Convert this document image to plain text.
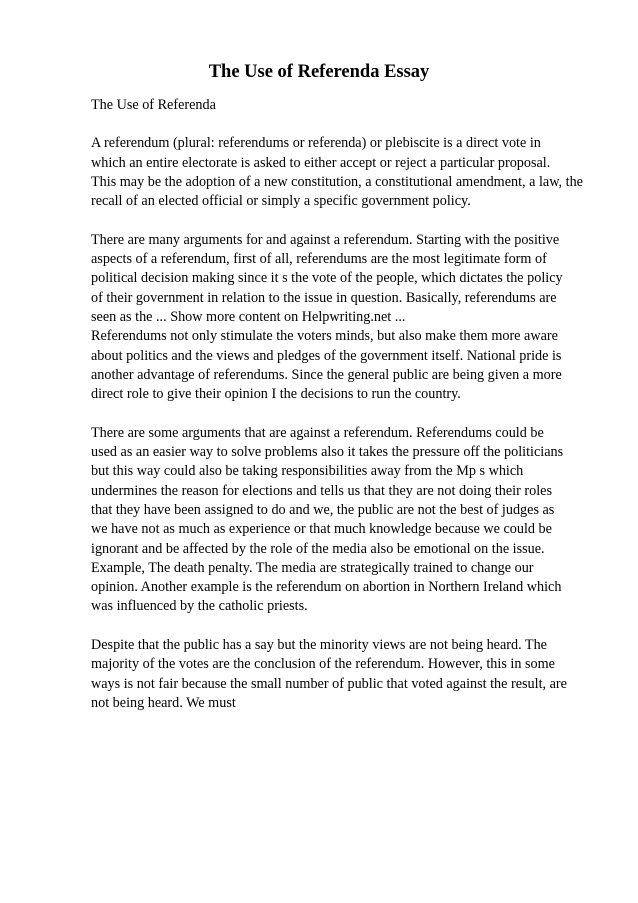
The Use of Referenda Essay

The Use of Referenda

A referendum (plural: referendums or referenda) or plebiscite is a direct vote in
which an entire electorate is asked to either accept or reject a particular proposal.
This may be the adoption of a new constitution, a constitutional amendment, a law, the
recall of an elected official or simply a specific government policy.

There are many arguments for and against a referendum. Starting with the positive
aspects of a referendum, first of all, referendums are the most legitimate form of
political decision making since it s the vote of the people, which dictates the policy
of their government in relation to the issue in question. Basically, referendums are
seen as the ... Show more content on Helpwriting.net ...

Referendums not only stimulate the voters minds, but also make them more aware
about politics and the views and pledges of the government itself. National pride is
another advantage of referendums. Since the general public are being given a more
direct role to give their opinion I the decisions to run the country.

There are some arguments that are against a referendum. Referendums could be
used as an easier way to solve problems also it takes the pressure off the politicians
but this way could also be taking responsibilities away from the Mp s which
undermines the reason for elections and tells us that they are not doing their roles
that they have been assigned to do and we, the public are not the best of judges as
we have not as much as experience or that much knowledge because we could be
ignorant and be affected by the role of the media also be emotional on the issue.
Example, The death penalty. The media are strategically trained to change our
opinion. Another example is the referendum on abortion in Northern Ireland which
was influenced by the catholic priests.

Despite that the public has a say but the minority views are not being heard. The
majority of the votes are the conclusion of the referendum. However, this in some
ways is not fair because the small number of public that voted against the result, are
not being heard. We must
